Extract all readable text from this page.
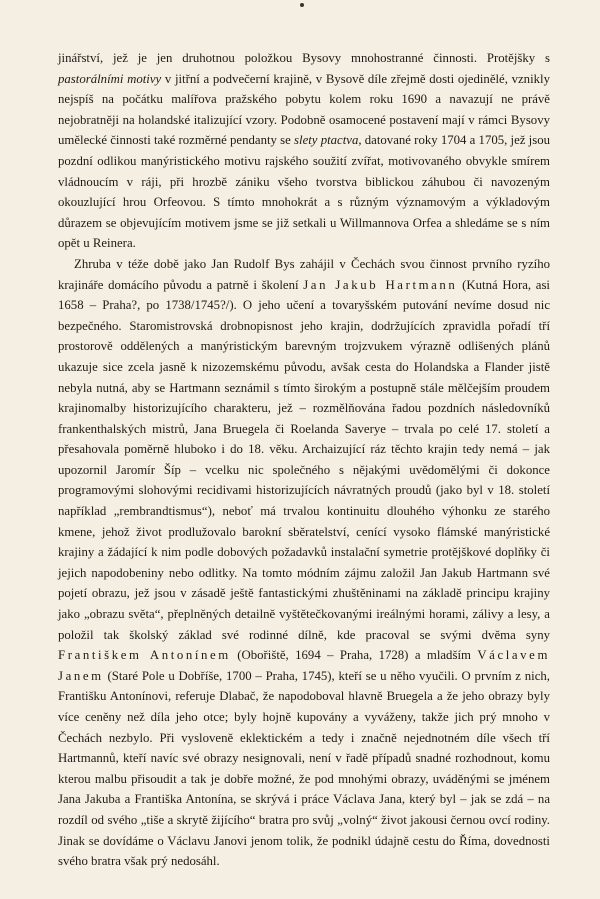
jinářství, jež je jen druhotnou položkou Bysovy mnohostranné činnosti. Protějšky s pastorálními motivy v jitřní a podvečerní krajině, v Bysově díle zřejmě dosti ojedinělé, vznikly nejspíš na počátku malířova pražského pobytu kolem roku 1690 a navazují ne právě nejobratněji na holandské italizující vzory. Podobně osamocené postavení mají v rámci Bysovy umělecké činnosti také rozměrné pendanty se slety ptactva, datované roky 1704 a 1705, jež jsou pozdní odlikou manýristického motivu rajského soužití zvířat, motivovaného obvykle smírem vládnoucím v ráji, při hrozbě zániku všeho tvorstva biblickou záhubou či navozeným okouzlující hrou Orfeovou. S tímto mnohokrát a s různým významovým a výkladovým důrazem se objevujícím motivem jsme se již setkali u Willmannova Orfea a shledáme se s ním opět u Reinera.

Zhruba v téže době jako Jan Rudolf Bys zahájil v Čechách svou činnost prvního ryzího krajináře domácího původu a patrně i školení Jan Jakub Hartmann (Kutná Hora, asi 1658 – Praha?, po 1738/1745?/). O jeho učení a tovaryšském putování nevíme dosud nic bezpečného. Staromistrovská drobnopisnost jeho krajin, dodržujících zpravidla pořadí tří prostorově oddělených a manýristickým barevným trojzvukem výrazně odlišených plánů ukazuje sice zcela jasně k nizozemskému původu, avšak cesta do Holandska a Flander jistě nebyla nutná, aby se Hartmann seznámil s tímto širokým a postupně stále mělčejším proudem krajinomalby historizujícího charakteru, jež – rozmělňována řadou pozdních následovníků frankenthalských mistrů, Jana Bruegela či Roelanda Saverye – trvala po celé 17. století a přesahovala poměrně hluboko i do 18. věku. Archaizující ráz těchto krajin tedy nemá – jak upozornil Jaromír Šíp – vcelku nic společného s nějakými uvědomělými či dokonce programovými slohovými recidivami historizujících návratných proudů (jako byl v 18. století například „rembrandtismus“), neboť má trvalou kontinuitu dlouhého výhonku ze starého kmene, jehož život prodlužovalo barokní sběratelství, cenící vysoko flámské manýristické krajiny a žádající k nim podle dobových požadavků instalační symetrie protějškové doplňky či jejich napodobeniny nebo odlitky. Na tomto módním zájmu založil Jan Jakub Hartmann své pojetí obrazu, jež jsou v zásadě ještě fantastickými zhuštěninami na základě principu krajiny jako „obrazu světa“, přeplněných detailně vyštětečkovanými ireálnými horami, zálivy a lesy, a položil tak školský základ své rodinné dílně, kde pracoval se svými dvěma syny Františkem Antonínem (Obořiště, 1694 – Praha, 1728) a mladším Václavem Janem (Staré Pole u Dobříše, 1700 – Praha, 1745), kteří se u něho vyučili. O prvním z nich, Františku Antonínovi, referuje Dlabač, že napodoboval hlavně Bruegela a že jeho obrazy byly více ceněny než díla jeho otce; byly hojně kupovány a vyváženy, takže jich prý mnoho v Čechách nezbylo. Při vysloveně eklektickém a tedy i značně nejednotném díle všech tří Hartmannů, kteří navíc své obrazy nesignovali, není v řadě případů snadné rozhodnout, komu kterou malbu přisoudit a tak je dobře možné, že pod mnohými obrazy, uváděnými se jménem Jana Jakuba a Františka Antonína, se skrývá i práce Václava Jana, který byl – jak se zdá – na rozdíl od svého „tiše a skrytě žijícího“ bratra pro svůj „volný“ život jakousi černou ovcí rodiny. Jinak se dovídáme o Václavu Janovi jenom tolik, že podnikl údajně cestu do Říma, dovednosti svého bratra však prý nedosáhl.
